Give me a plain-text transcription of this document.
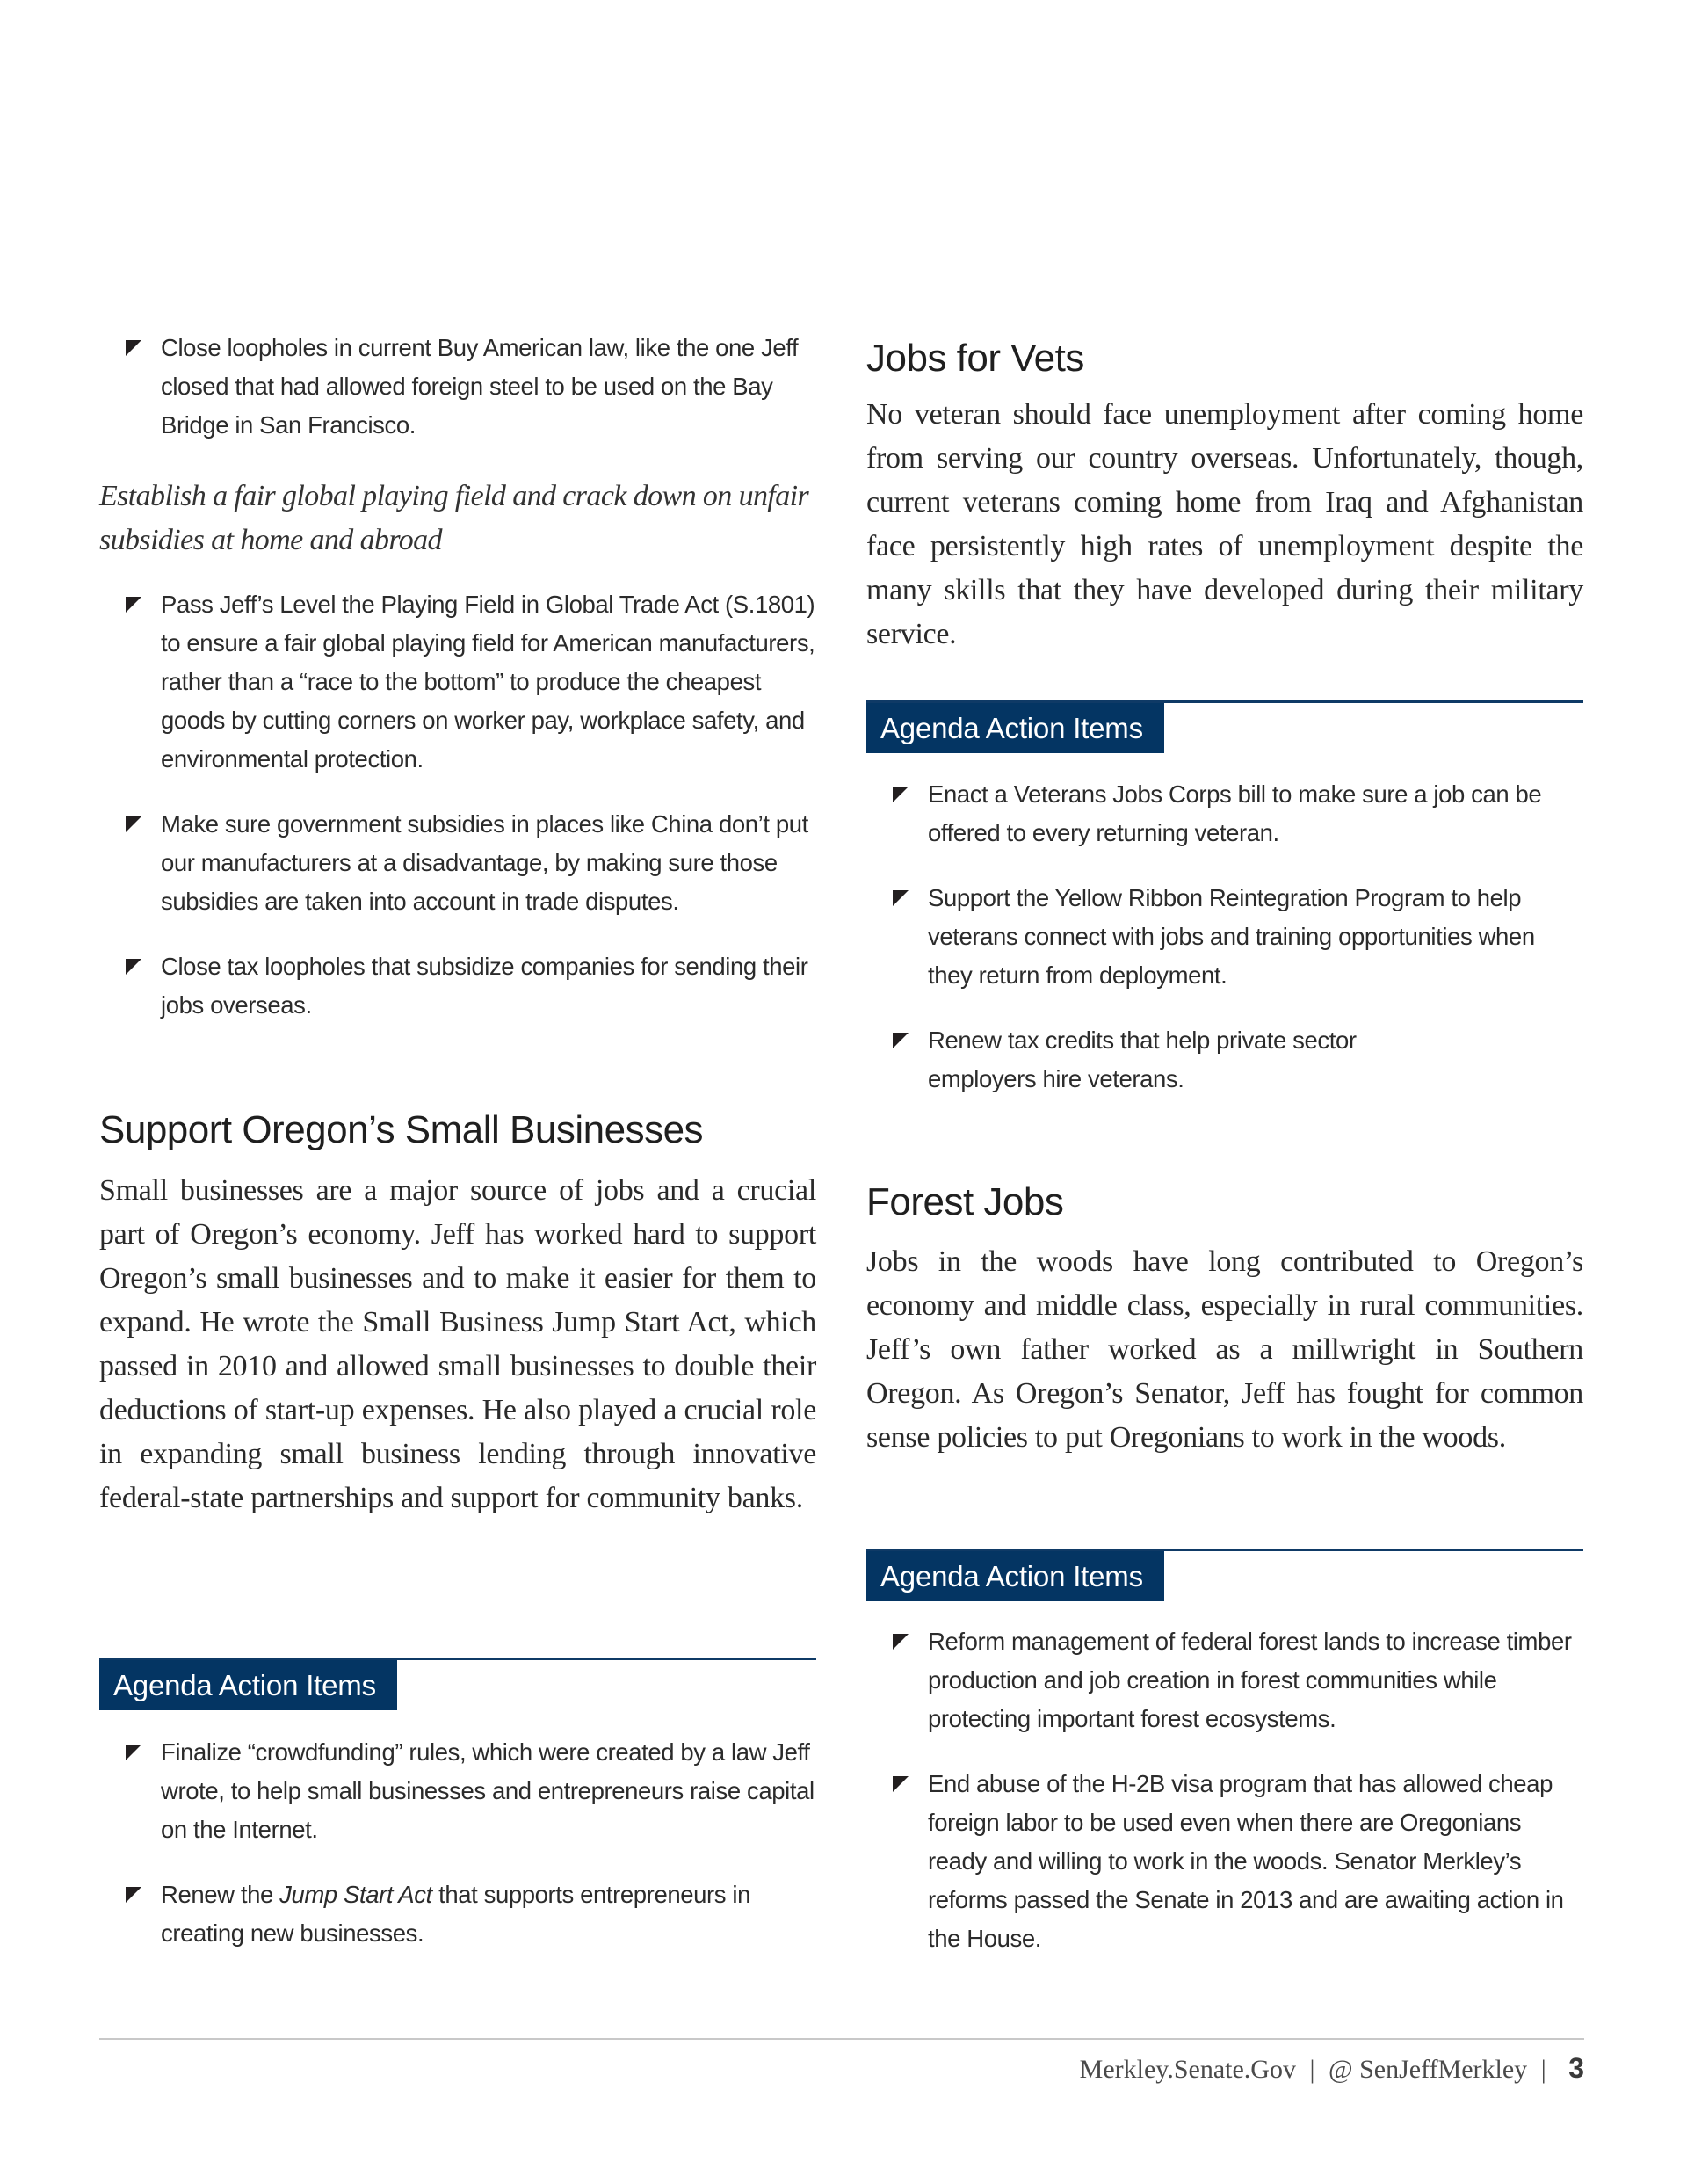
Close loopholes in current Buy American law, like the one Jeff closed that had allowed foreign steel to be used on the Bay Bridge in San Francisco.

Establish a fair global playing field and crack down on unfair subsidies at home and abroad

Pass Jeff’s Level the Playing Field in Global Trade Act (S.1801) to ensure a fair global playing field for American manufacturers, rather than a “race to the bottom” to produce the cheapest goods by cutting corners on worker pay, workplace safety, and environmental protection.
Make sure government subsidies in places like China don’t put our manufacturers at a disadvantage, by making sure those subsidies are taken into account in trade disputes.
Close tax loopholes that subsidize companies for sending their jobs overseas.
Support Oregon’s Small Businesses

Small businesses are a major source of jobs and a crucial part of Oregon’s economy. Jeff has worked hard to support Oregon’s small businesses and to make it easier for them to expand. He wrote the Small Business Jump Start Act, which passed in 2010 and allowed small businesses to double their deductions of start-up expenses. He also played a crucial role in expanding small business lending through innovative federal-state partnerships and support for community banks.

Agenda Action Items
Finalize “crowdfunding” rules, which were created by a law Jeff wrote, to help small businesses and entrepreneurs raise capital on the Internet.
Renew the Jump Start Act that supports entrepreneurs in creating new businesses.
Jobs for Vets

No veteran should face unemployment after coming home from serving our country overseas. Unfortunately, though, current veterans coming home from Iraq and Afghanistan face persistently high rates of unemployment despite the many skills that they have developed during their military service.

Agenda Action Items
Enact a Veterans Jobs Corps bill to make sure a job can be offered to every returning veteran.
Support the Yellow Ribbon Reintegration Program to help veterans connect with jobs and training opportunities when they return from deployment.
Renew tax credits that help private sector employers hire veterans.
Forest Jobs

Jobs in the woods have long contributed to Oregon’s economy and middle class, especially in rural communities. Jeff’s own father worked as a millwright in Southern Oregon. As Oregon’s Senator, Jeff has fought for common sense policies to put Oregonians to work in the woods.

Agenda Action Items
Reform management of federal forest lands to increase timber production and job creation in forest communities while protecting important forest ecosystems.
End abuse of the H-2B visa program that has allowed cheap foreign labor to be used even when there are Oregonians ready and willing to work in the woods. Senator Merkley’s reforms passed the Senate in 2013 and are awaiting action in the House.
Merkley.Senate.Gov | @ SenJeffMerkley | 3
